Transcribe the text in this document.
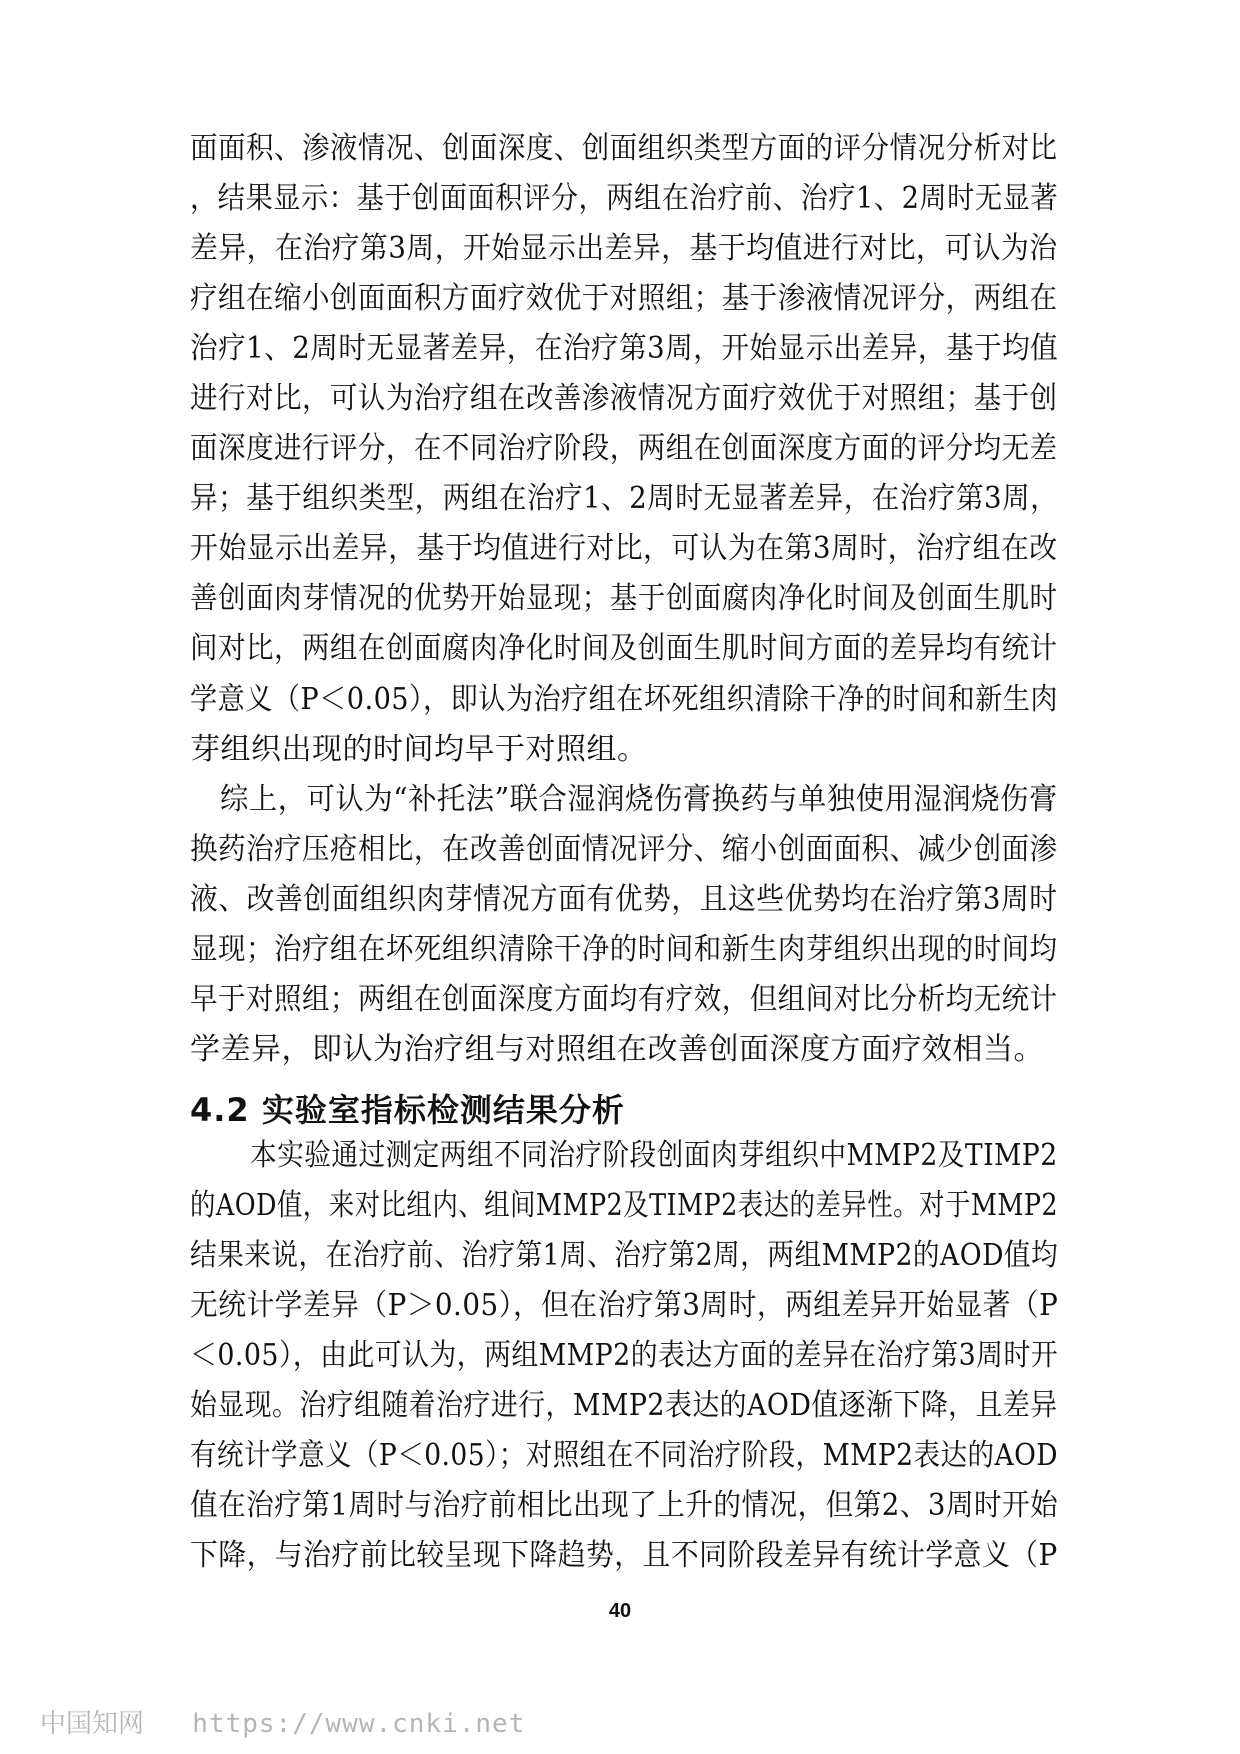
面面积、渗液情况、创面深度、创面组织类型方面的评分情况分析对比
，结果显示：基于创面面积评分，两组在治疗前、治疗1、2周时无显著
差异，在治疗第3周，开始显示出差异，基于均值进行对比，可认为治
疗组在缩小创面面积方面疗效优于对照组；基于渗液情况评分，两组在
治疗1、2周时无显著差异，在治疗第3周，开始显示出差异，基于均值
进行对比，可认为治疗组在改善渗液情况方面疗效优于对照组；基于创
面深度进行评分，在不同治疗阶段，两组在创面深度方面的评分均无差
异；基于组织类型，两组在治疗1、2周时无显著差异，在治疗第3周，
开始显示出差异，基于均值进行对比，可认为在第3周时，治疗组在改
善创面肉芽情况的优势开始显现；基于创面腐肉净化时间及创面生肌时
间对比，两组在创面腐肉净化时间及创面生肌时间方面的差异均有统计
学意义（P＜0.05），即认为治疗组在坏死组织清除干净的时间和新生肉
芽组织出现的时间均早于对照组。
综上，可认为“补托法”联合湿润烧伤膏换药与单独使用湿润烧伤膏
换药治疗压疮相比，在改善创面情况评分、缩小创面面积、减少创面渗
液、改善创面组织肉芽情况方面有优势，且这些优势均在治疗第3周时
显现；治疗组在坏死组织清除干净的时间和新生肉芽组织出现的时间均
早于对照组；两组在创面深度方面均有疗效，但组间对比分析均无统计
学差异，即认为治疗组与对照组在改善创面深度方面疗效相当。
4.2 实验室指标检测结果分析
本实验通过测定两组不同治疗阶段创面肉芽组织中MMP2及TIMP2
的AOD值，来对比组内、组间MMP2及TIMP2表达的差异性。对于MMP2
结果来说，在治疗前、治疗第1周、治疗第2周，两组MMP2的AOD值均
无统计学差异（P＞0.05），但在治疗第3周时，两组差异开始显著（P
＜0.05），由此可认为，两组MMP2的表达方面的差异在治疗第3周时开
始显现。治疗组随着治疗进行，MMP2表达的AOD值逐渐下降，且差异
有统计学意义（P＜0.05）；对照组在不同治疗阶段，MMP2表达的AOD
值在治疗第1周时与治疗前相比出现了上升的情况，但第2、3周时开始
下降，与治疗前比较呈现下降趋势，且不同阶段差异有统计学意义（P
40
中国知网 https://www.cnki.net
